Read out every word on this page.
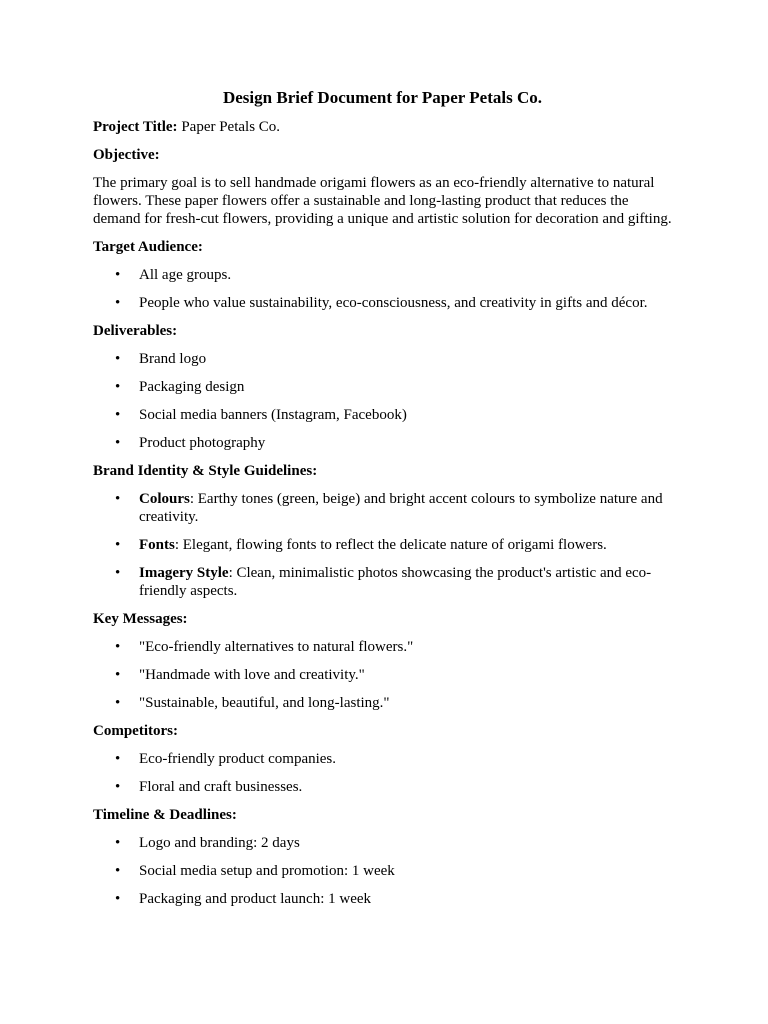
Design Brief Document for Paper Petals Co.

Project Title: Paper Petals Co.

Objective:

The primary goal is to sell handmade origami flowers as an eco-friendly alternative to natural flowers. These paper flowers offer a sustainable and long-lasting product that reduces the demand for fresh-cut flowers, providing a unique and artistic solution for decoration and gifting.

Target Audience:
• All age groups.
• People who value sustainability, eco-consciousness, and creativity in gifts and décor.
Deliverables:
• Brand logo
• Packaging design
• Social media banners (Instagram, Facebook)
• Product photography
Brand Identity & Style Guidelines:
• Colours: Earthy tones (green, beige) and bright accent colours to symbolize nature and creativity.
• Fonts: Elegant, flowing fonts to reflect the delicate nature of origami flowers.
• Imagery Style: Clean, minimalistic photos showcasing the product's artistic and eco-friendly aspects.
Key Messages:
• "Eco-friendly alternatives to natural flowers."
• "Handmade with love and creativity."
• "Sustainable, beautiful, and long-lasting."
Competitors:
• Eco-friendly product companies.
• Floral and craft businesses.
Timeline & Deadlines:
• Logo and branding: 2 days
• Social media setup and promotion: 1 week
• Packaging and product launch: 1 week
